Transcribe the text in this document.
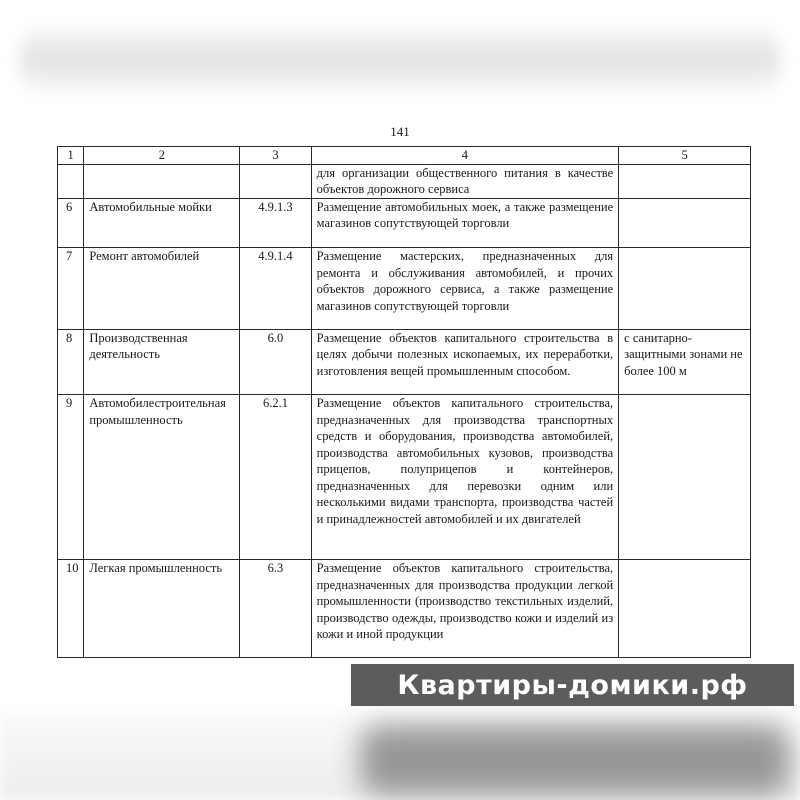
141
1	2	3	4	5
			для организации общественного питания в качестве объектов дорожного сервиса	
6	Автомобильные мойки	4.9.1.3	Размещение автомобильных моек, а также размещение магазинов сопутствующей торговли	
7	Ремонт автомобилей	4.9.1.4	Размещение мастерских, предназначенных для ремонта и обслуживания автомобилей, и прочих объектов дорожного сервиса, а также размещение магазинов сопутствующей торговли	
8	Производственная деятельность	6.0	Размещение объектов капитального строительства в целях добычи полезных ископаемых, их переработки, изготовления вещей промышленным способом.	с санитарно-защитными зонами не более 100 м
9	Автомобилестроительная промышленность	6.2.1	Размещение объектов капитального строительства, предназначенных для производства транспортных средств и оборудования, производства автомобилей, производства автомобильных кузовов, производства прицепов, полуприцепов и контейнеров, предназначенных для перевозки одним или несколькими видами транспорта, производства частей и принадлежностей автомобилей и их двигателей	
10	Легкая промышленность	6.3	Размещение объектов капитального строительства, предназначенных для производства продукции легкой промышленности (производство текстильных изделий, производство одежды, производство кожи и изделий из кожи и иной продукции	
Квартиры-домики.рф
